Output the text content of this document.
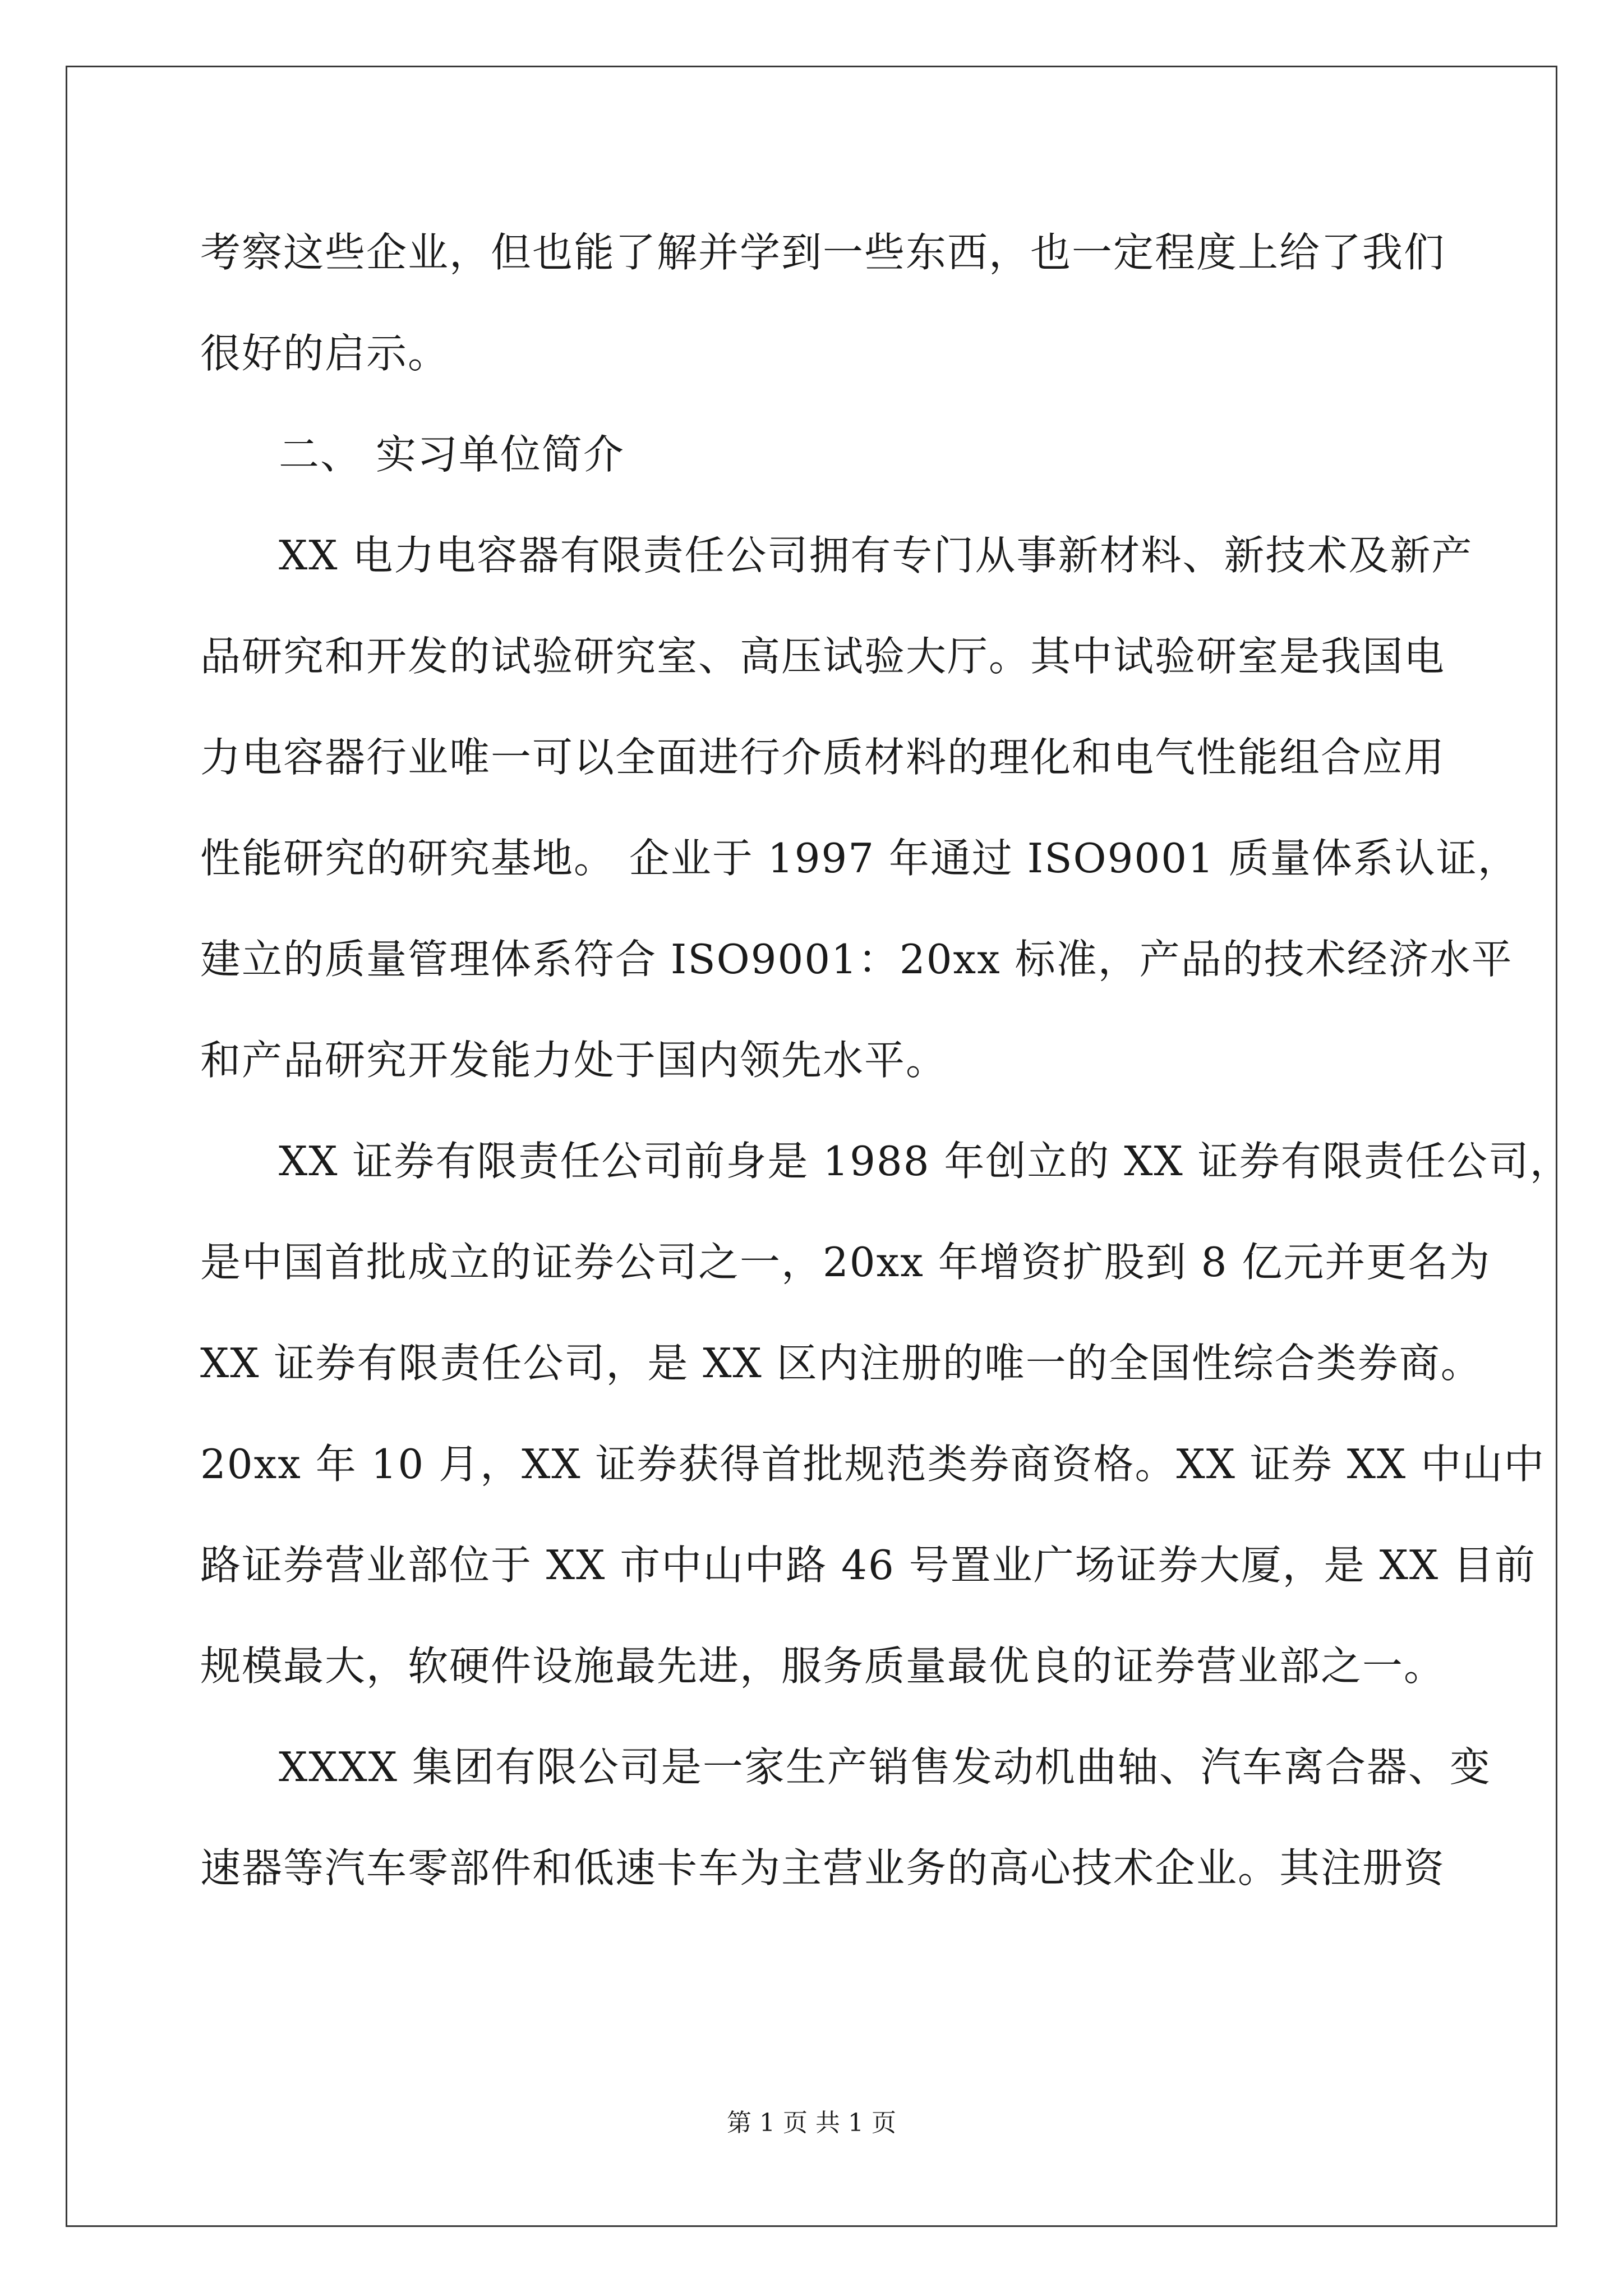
考察这些企业，但也能了解并学到一些东西，也一定程度上给了我们
很好的启示。
二、 实习单位简介
XX 电力电容器有限责任公司拥有专门从事新材料、新技术及新产
品研究和开发的试验研究室、高压试验大厅。其中试验研室是我国电
力电容器行业唯一可以全面进行介质材料的理化和电气性能组合应用
性能研究的研究基地。 企业于 1997 年通过 ISO9001 质量体系认证，
建立的质量管理体系符合 ISO9001：20xx 标准，产品的技术经济水平
和产品研究开发能力处于国内领先水平。
XX 证券有限责任公司前身是 1988 年创立的 XX 证券有限责任公司，
是中国首批成立的证券公司之一，20xx 年增资扩股到 8 亿元并更名为
XX 证券有限责任公司，是 XX 区内注册的唯一的全国性综合类券商。
20xx 年 10 月，XX 证券获得首批规范类券商资格。XX 证券 XX 中山中
路证券营业部位于 XX 市中山中路 46 号置业广场证券大厦，是 XX 目前
规模最大，软硬件设施最先进，服务质量最优良的证券营业部之一。
XXXX 集团有限公司是一家生产销售发动机曲轴、汽车离合器、变
速器等汽车零部件和低速卡车为主营业务的高心技术企业。其注册资
第 1 页 共 1 页
